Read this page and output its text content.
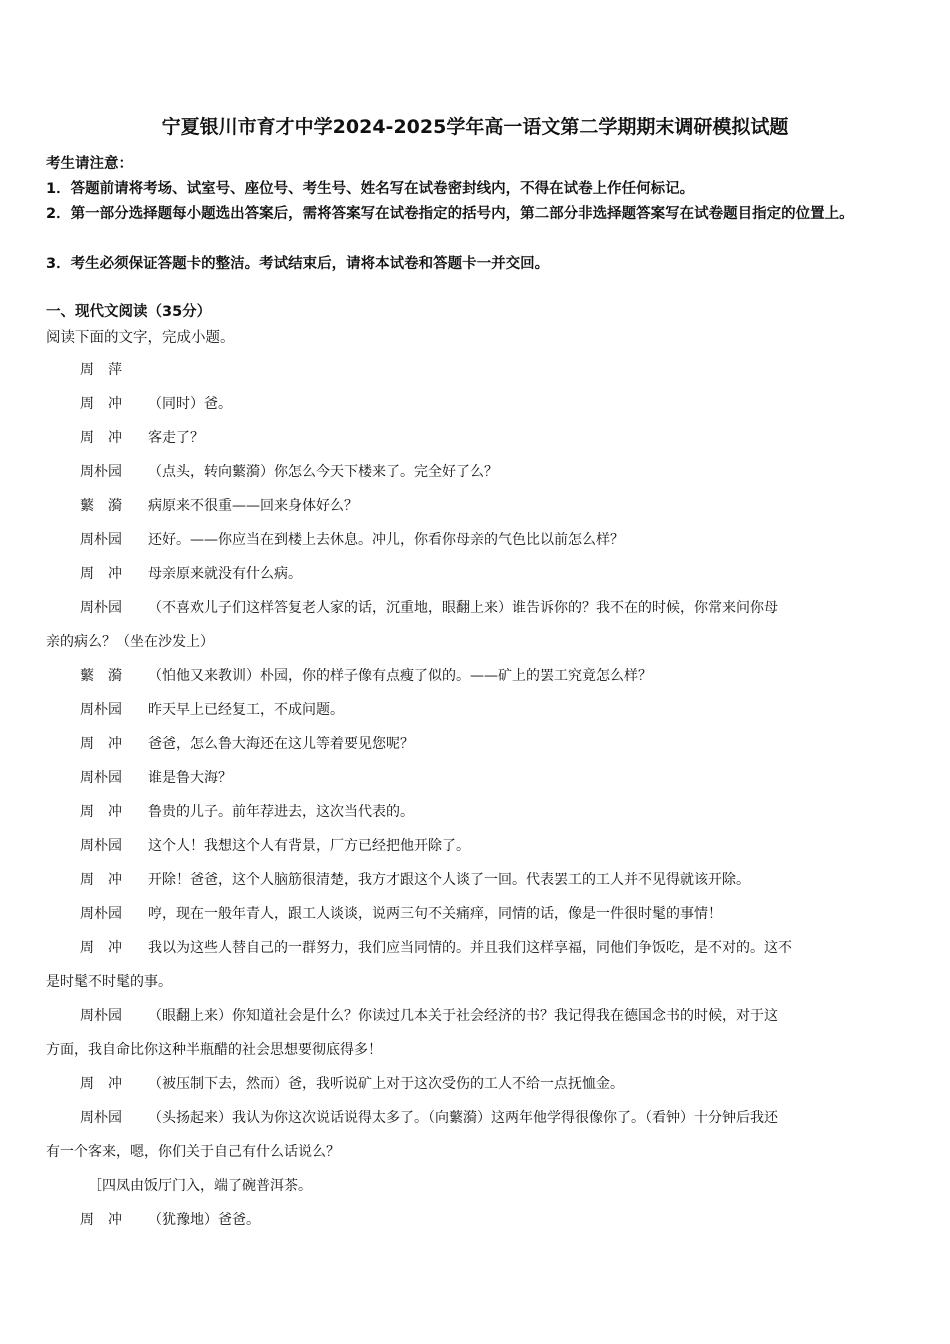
宁夏银川市育才中学2024-2025学年高一语文第二学期期末调研模拟试题
考生请注意：
1．答题前请将考场、试室号、座位号、考生号、姓名写在试卷密封线内，不得在试卷上作任何标记。
2．第一部分选择题每小题选出答案后，需将答案写在试卷指定的括号内，第二部分非选择题答案写在试卷题目指定的位置上。
3．考生必须保证答题卡的整洁。考试结束后，请将本试卷和答题卡一并交回。
一、现代文阅读（35分）
阅读下面的文字，完成小题。
周　萍
周　冲 （同时）爸。
周　冲 客走了？
周朴园 （点头，转向蘩漪）你怎么今天下楼来了。完全好了么？
蘩　漪 病原来不很重——回来身体好么？
周朴园 还好。——你应当在到楼上去休息。冲儿，你看你母亲的气色比以前怎么样？
周　冲 母亲原来就没有什么病。
周朴园 （不喜欢儿子们这样答复老人家的话，沉重地，眼翻上来）谁告诉你的？我不在的时候，你常来问你母
亲的病么？（坐在沙发上）
蘩　漪 （怕他又来教训）朴园，你的样子像有点瘦了似的。——矿上的罢工究竟怎么样？
周朴园 昨天早上已经复工，不成问题。
周　冲 爸爸，怎么鲁大海还在这儿等着要见您呢？
周朴园 谁是鲁大海？
周　冲 鲁贵的儿子。前年荐进去，这次当代表的。
周朴园 这个人！我想这个人有背景，厂方已经把他开除了。
周　冲 开除！爸爸，这个人脑筋很清楚，我方才跟这个人谈了一回。代表罢工的工人并不见得就该开除。
周朴园 哼，现在一般年青人，跟工人谈谈，说两三句不关痛痒，同情的话，像是一件很时髦的事情！
周　冲 我以为这些人替自己的一群努力，我们应当同情的。并且我们这样享福，同他们争饭吃，是不对的。这不
是时髦不时髦的事。
周朴园 （眼翻上来）你知道社会是什么？你读过几本关于社会经济的书？我记得我在德国念书的时候，对于这
方面，我自命比你这种半瓶醋的社会思想要彻底得多！
周　冲 （被压制下去，然而）爸，我听说矿上对于这次受伤的工人不给一点抚恤金。
周朴园 （头扬起来）我认为你这次说话说得太多了。（向蘩漪）这两年他学得很像你了。（看钟）十分钟后我还
有一个客来，嗯，你们关于自己有什么话说么？
［四凤由饭厅门入，端了碗普洱茶。
周　冲 （犹豫地）爸爸。
